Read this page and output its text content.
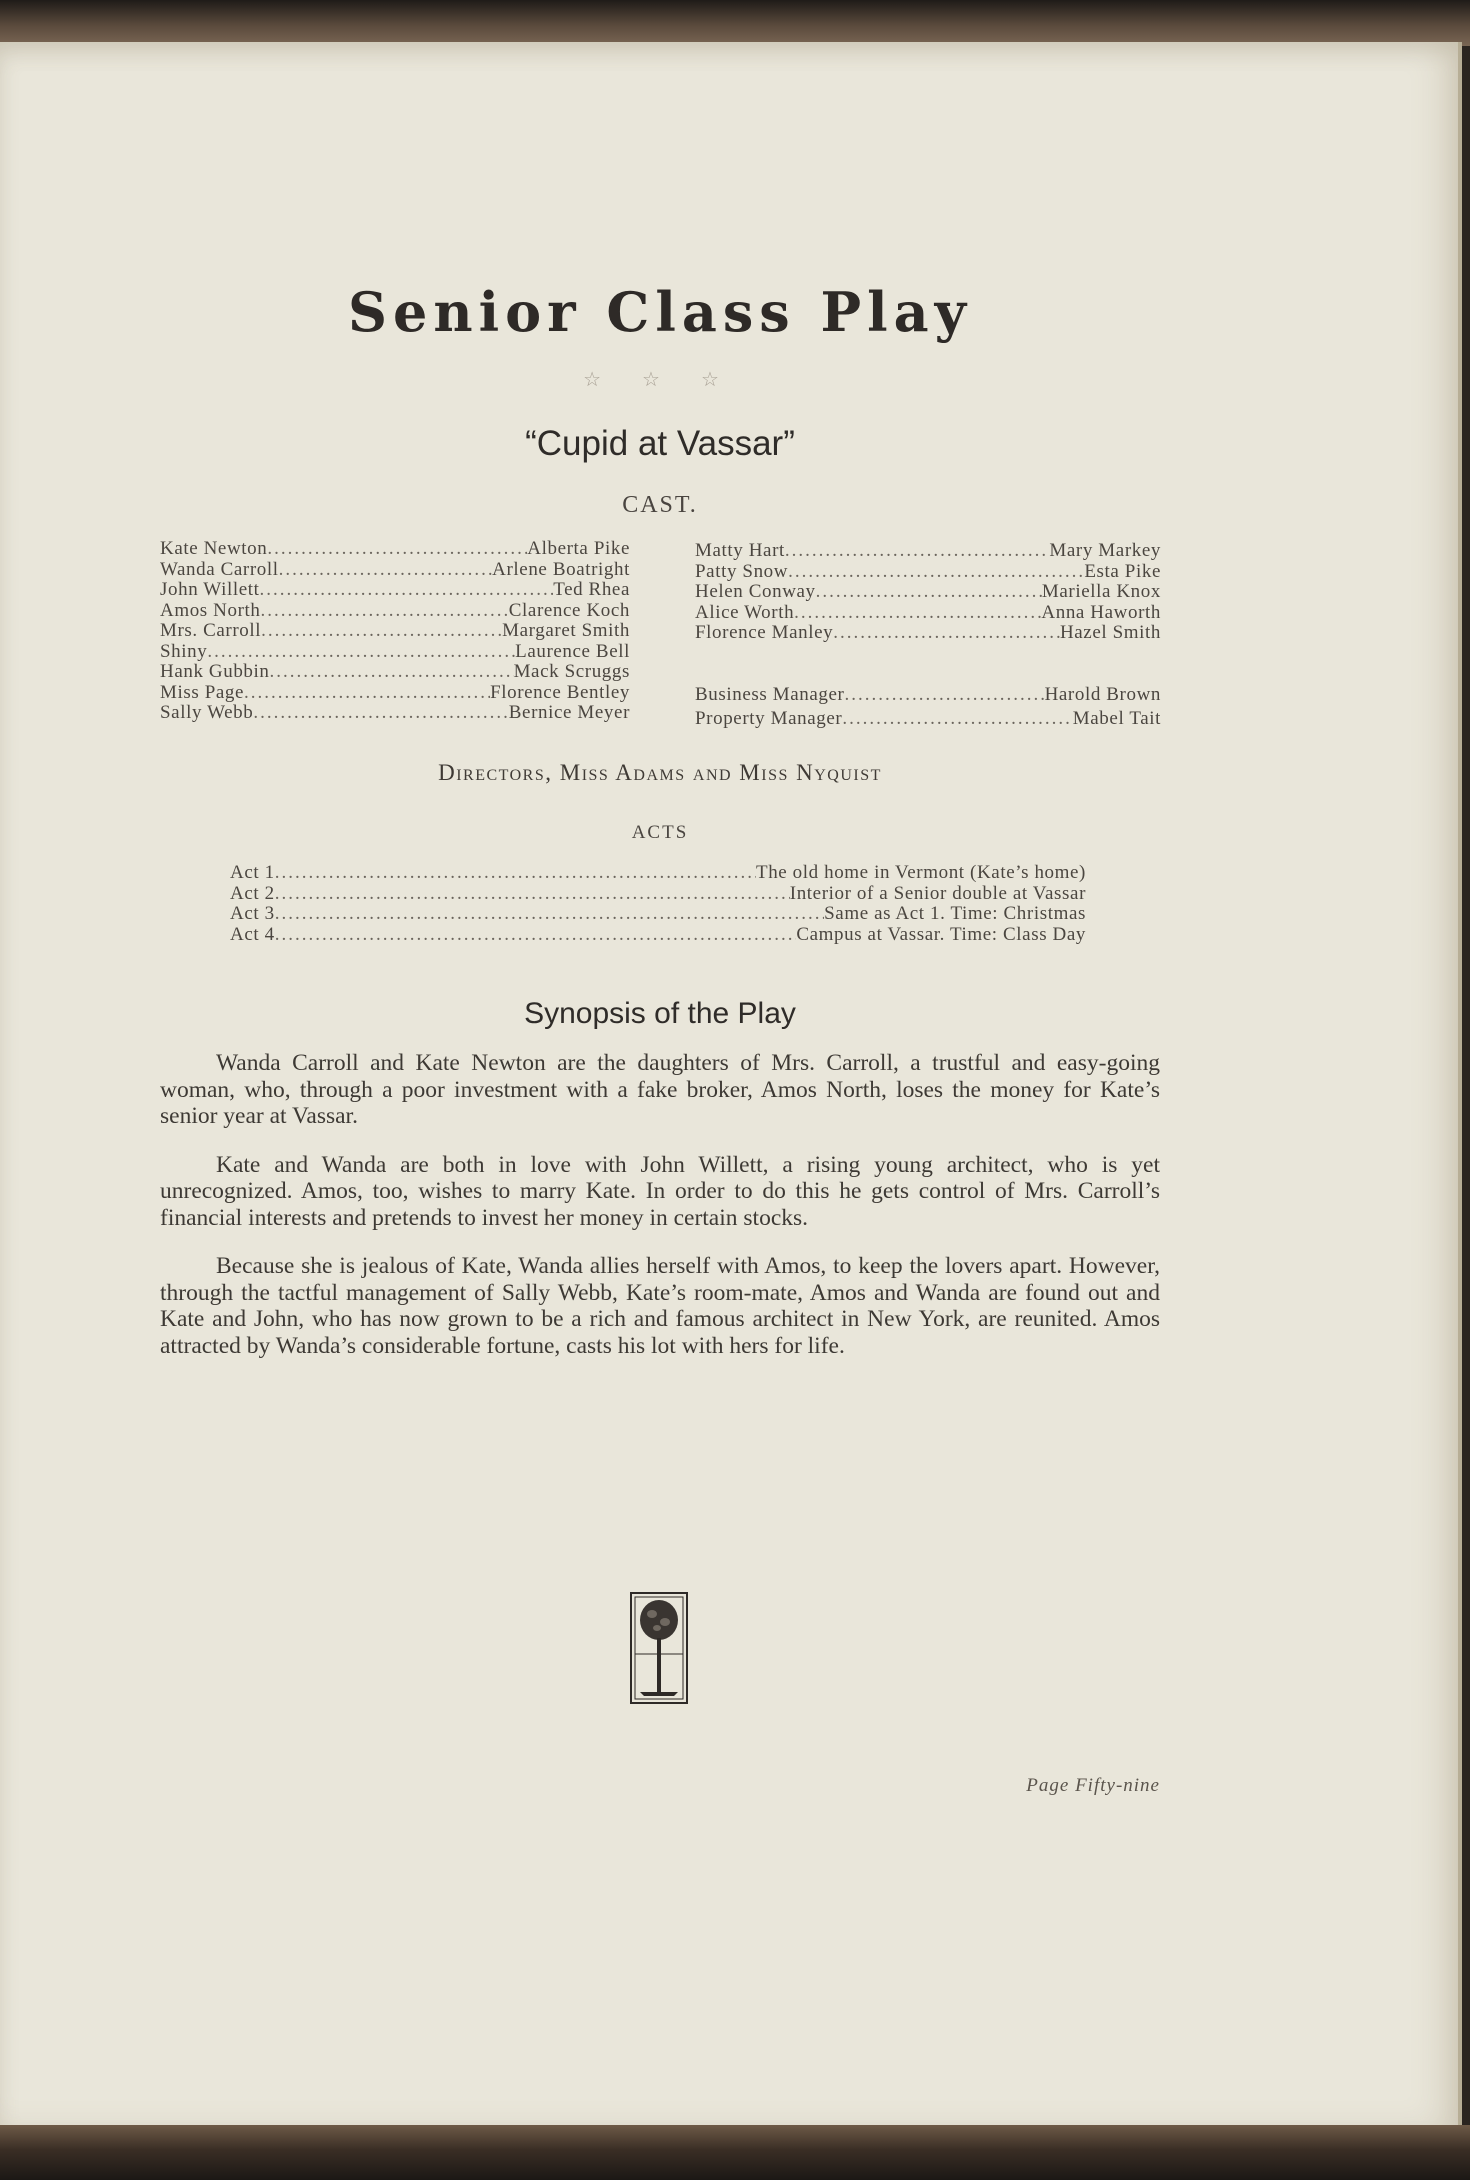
Senior Class Play
☆ ☆ ☆
“Cupid at Vassar”
CAST.
Kate Newton .....	Alberta Pike
Wanda Carroll .....	Arlene Boatright
John Willett .....	Ted Rhea
Amos North .....	Clarence Koch
Mrs. Carroll .....	Margaret Smith
Shiny .....	Laurence Bell
Hank Gubbin .....	Mack Scruggs
Miss Page .....	Florence Bentley
Sally Webb .....	Bernice Meyer
Matty Hart .....	Mary Markey
Patty Snow .....	Esta Pike
Helen Conway .....	Mariella Knox
Alice Worth .....	Anna Haworth
Florence Manley .....	Hazel Smith
Business Manager .....	Harold Brown
Property Manager .....	Mabel Tait
Directors, Miss Adams and Miss Nyquist
ACTS
Act 1 .....	The old home in Vermont (Kate’s home)
Act 2 .....	Interior of a Senior double at Vassar
Act 3 .....	Same as Act 1. Time: Christmas
Act 4 .....	Campus at Vassar. Time: Class Day
Synopsis of the Play

Wanda Carroll and Kate Newton are the daughters of Mrs. Carroll, a trustful and easy-going woman, who, through a poor investment with a fake broker, Amos North, loses the money for Kate’s senior year at Vassar.

Kate and Wanda are both in love with John Willett, a rising young architect, who is yet unrecognized. Amos, too, wishes to marry Kate. In order to do this he gets control of Mrs. Carroll’s financial interests and pretends to invest her money in certain stocks.

Because she is jealous of Kate, Wanda allies herself with Amos, to keep the lovers apart. However, through the tactful management of Sally Webb, Kate’s room-mate, Amos and Wanda are found out and Kate and John, who has now grown to be a rich and famous architect in New York, are reunited. Amos attracted by Wanda’s considerable fortune, casts his lot with hers for life.

Page Fifty-nine
